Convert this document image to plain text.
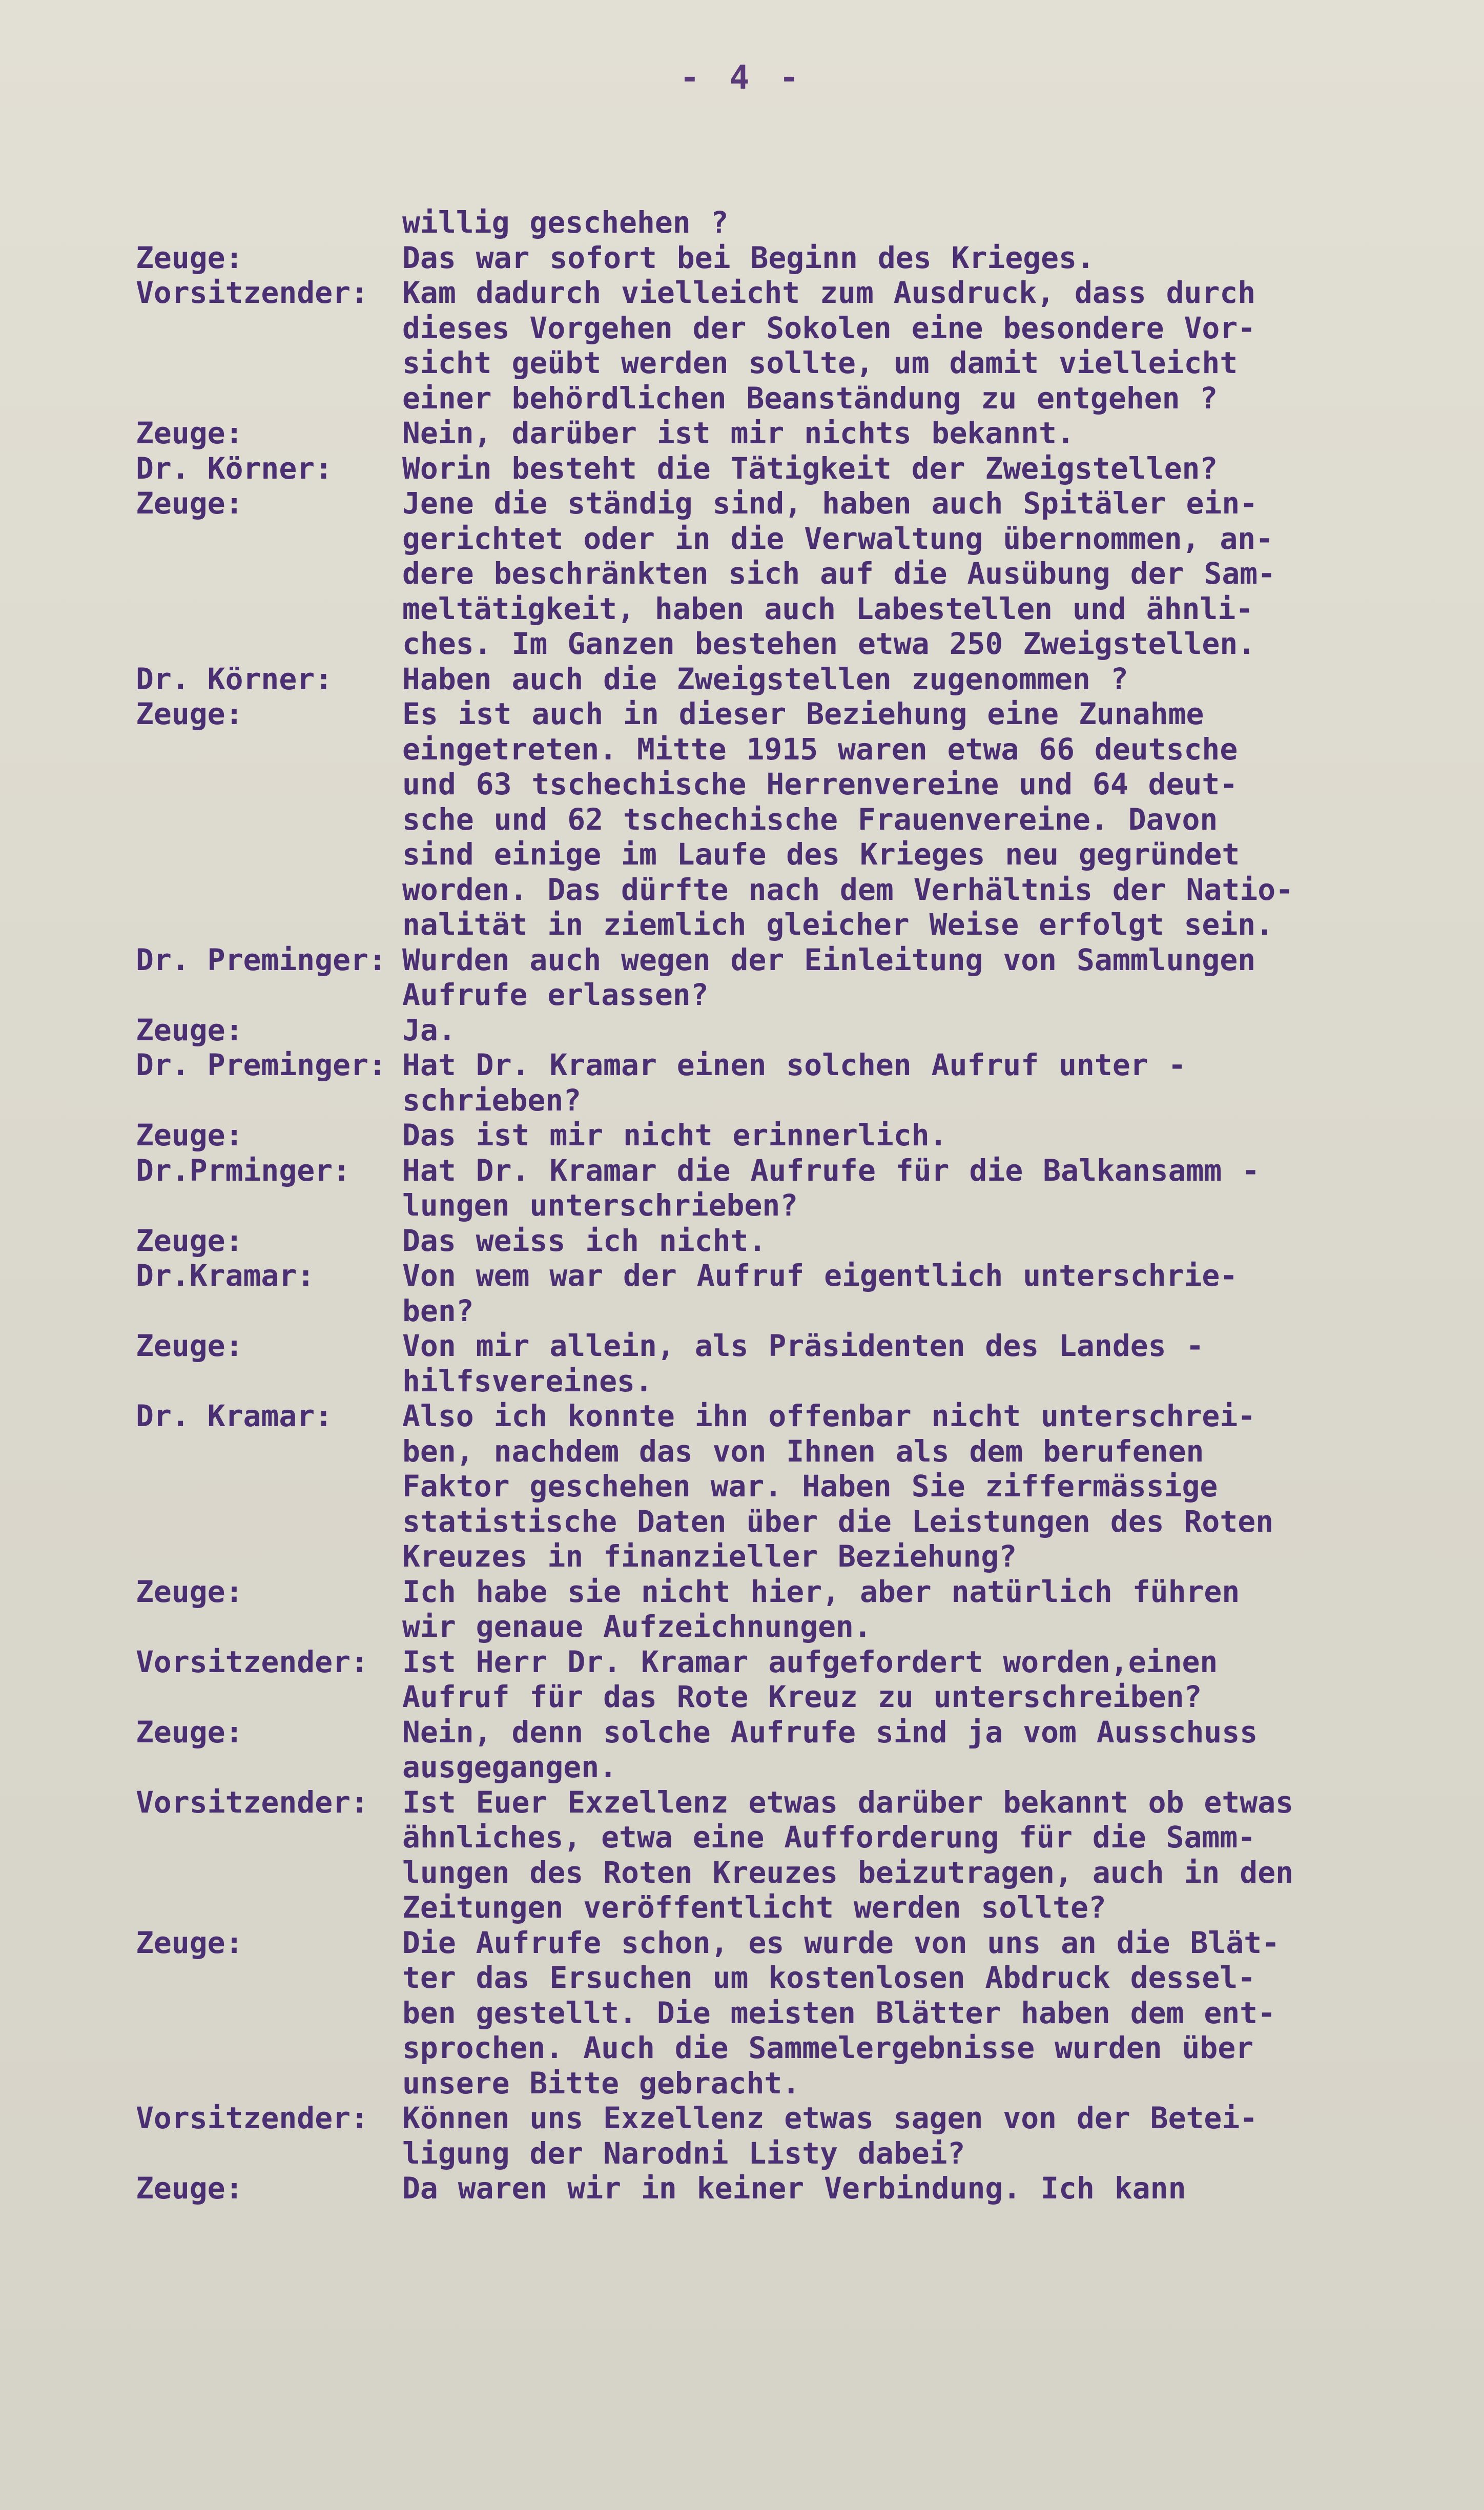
- 4 -
willig geschehen ?
Zeuge:	Das war sofort bei Beginn des Krieges.
Vorsitzender:	Kam dadurch vielleicht zum Ausdruck, dass durch
dieses Vorgehen der Sokolen eine besondere Vor-
sicht geübt werden sollte, um damit vielleicht
einer behördlichen Beanständung zu entgehen ?
Zeuge:	Nein, darüber ist mir nichts bekannt.
Dr. Körner:	Worin besteht die Tätigkeit der Zweigstellen?
Zeuge:	Jene die ständig sind, haben auch Spitäler ein-
gerichtet oder in die Verwaltung übernommen, an-
dere beschränkten sich auf die Ausübung der Sam-
meltätigkeit, haben auch Labestellen und ähnli-
ches. Im Ganzen bestehen etwa 250 Zweigstellen.
Dr. Körner:	Haben auch die Zweigstellen zugenommen ?
Zeuge:	Es ist auch in dieser Beziehung eine Zunahme
eingetreten. Mitte 1915 waren etwa 66 deutsche
und 63 tschechische Herrenvereine und 64 deut-
sche und 62 tschechische Frauenvereine. Davon
sind einige im Laufe des Krieges neu gegründet
worden. Das dürfte nach dem Verhältnis der Natio-
nalität in ziemlich gleicher Weise erfolgt sein.
Dr. Preminger: Wurden auch wegen der Einleitung von Sammlungen
Aufrufe erlassen?
Zeuge:	Ja.
Dr. Preminger: Hat Dr. Kramar einen solchen Aufruf unter -
schrieben?
Zeuge:	Das ist mir nicht erinnerlich.
Dr.Prminger:	Hat Dr. Kramar die Aufrufe für die Balkansamm -
lungen unterschrieben?
Zeuge:	Das weiss ich nicht.
Dr.Kramar:	Von wem war der Aufruf eigentlich unterschrie-
ben?
Zeuge:	Von mir allein, als Präsidenten des Landes -
hilfsvereines.
Dr. Kramar:	Also ich konnte ihn offenbar nicht unterschrei-
ben, nachdem das von Ihnen als dem berufenen
Faktor geschehen war. Haben Sie ziffermässige
statistische Daten über die Leistungen des Roten
Kreuzes in finanzieller Beziehung?
Zeuge:	Ich habe sie nicht hier, aber natürlich führen
wir genaue Aufzeichnungen.
Vorsitzender:	Ist Herr Dr. Kramar aufgefordert worden,einen
Aufruf für das Rote Kreuz zu unterschreiben?
Zeuge:	Nein, denn solche Aufrufe sind ja vom Ausschuss
ausgegangen.
Vorsitzender:	Ist Euer Exzellenz etwas darüber bekannt ob etwas
ähnliches, etwa eine Aufforderung für die Samm-
lungen des Roten Kreuzes beizutragen, auch in den
Zeitungen veröffentlicht werden sollte?
Zeuge:	Die Aufrufe schon, es wurde von uns an die Blät-
ter das Ersuchen um kostenlosen Abdruck dessel-
ben gestellt. Die meisten Blätter haben dem ent-
sprochen. Auch die Sammelergebnisse wurden über
unsere Bitte gebracht.
Vorsitzender:	Können uns Exzellenz etwas sagen von der Betei-
ligung der Narodni Listy dabei?
Zeuge:	Da waren wir in keiner Verbindung. Ich kann
